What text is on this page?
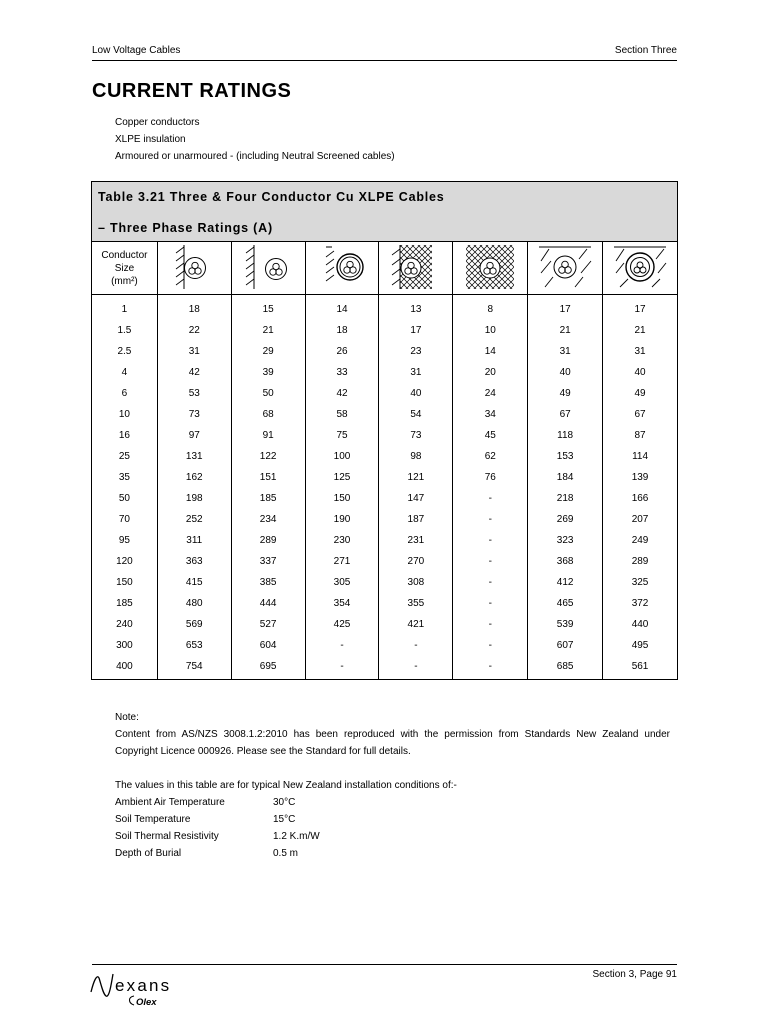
Low Voltage Cables	Section Three
CURRENT RATINGS
Copper conductors
XLPE insulation
Armoured or unarmoured - (including Neutral Screened cables)
Table 3.21 Three & Four Conductor Cu XLPE Cables
– Three Phase Ratings (A)							

Conductor
Size
(mm²)

1	18	15	14	13	8	17	17
1.5	22	21	18	17	10	21	21
2.5	31	29	26	23	14	31	31
4	42	39	33	31	20	40	40
6	53	50	42	40	24	49	49
10	73	68	58	54	34	67	67
16	97	91	75	73	45	118	87
25	131	122	100	98	62	153	114
35	162	151	125	121	76	184	139
50	198	185	150	147	-	218	166
70	252	234	190	187	-	269	207
95	311	289	230	231	-	323	249
120	363	337	271	270	-	368	289
150	415	385	305	308	-	412	325
185	480	444	354	355	-	465	372
240	569	527	425	421	-	539	440
300	653	604	-	-	-	607	495
400	754	695	-	-	-	685	561
Note:
Content from AS/NZS 3008.1.2:2010 has been reproduced with the permission from Standards New Zealand under Copyright Licence 000926. Please see the Standard for full details.
The values in this table are for typical New Zealand installation conditions of:-
Ambient Air Temperature	30°C
Soil Temperature	15°C
Soil Thermal Resistivity	1.2 K.m/W
Depth of Burial	0.5 m
Section 3, Page 91
exans
Olex
